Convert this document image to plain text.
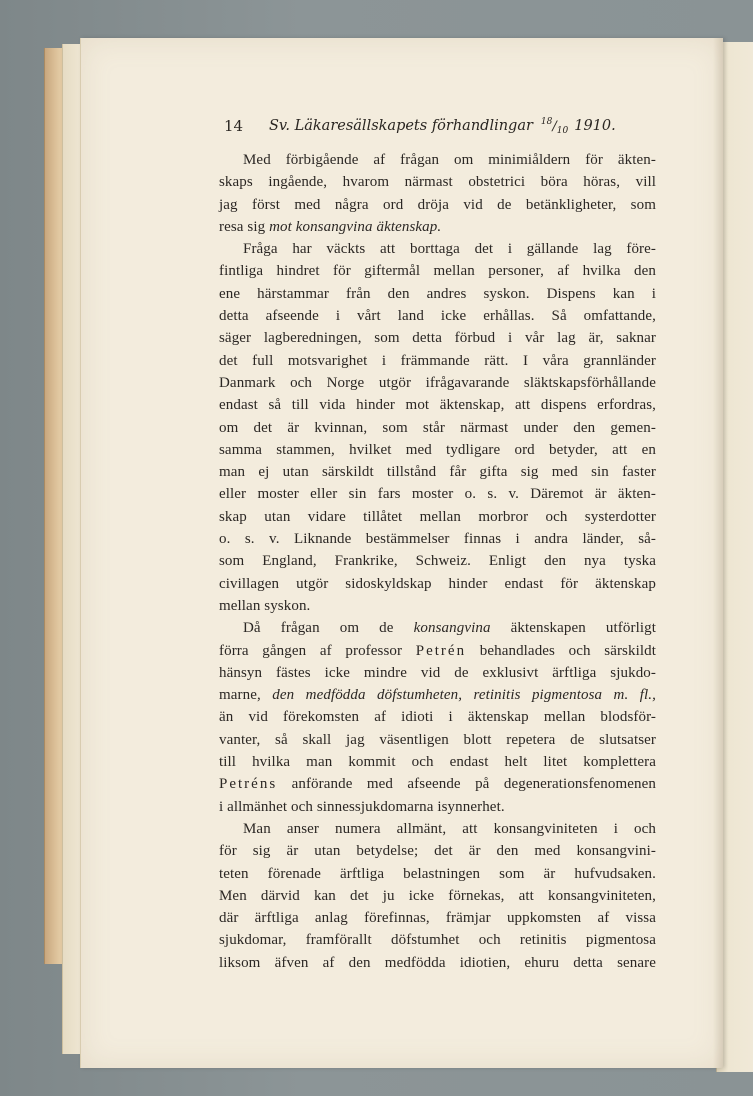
14 Sv. Läkaresällskapets förhandlingar $^{18}/_{10}$ 1910.
Med förbigående af frågan om minimiåldern för äkten-
skaps ingående, hvarom närmast obstetrici böra höras, vill
jag först med några ord dröja vid de betänkligheter, som
resa sig mot konsangvina äktenskap.
Fråga har väckts att borttaga det i gällande lag före-
fintliga hindret för giftermål mellan personer, af hvilka den
ene härstammar från den andres syskon. Dispens kan i
detta afseende i vårt land icke erhållas. Så omfattande,
säger lagberedningen, som detta förbud i vår lag är, saknar
det full motsvarighet i främmande rätt. I våra grannländer
Danmark och Norge utgör ifrågavarande släktskapsförhållande
endast så till vida hinder mot äktenskap, att dispens erfordras,
om det är kvinnan, som står närmast under den gemen-
samma stammen, hvilket med tydligare ord betyder, att en
man ej utan särskildt tillstånd får gifta sig med sin faster
eller moster eller sin fars moster o. s. v. Däremot är äkten-
skap utan vidare tillåtet mellan morbror och systerdotter
o. s. v. Liknande bestämmelser finnas i andra länder, så-
som England, Frankrike, Schweiz. Enligt den nya tyska
civillagen utgör sidoskyldskap hinder endast för äktenskap
mellan syskon.
Då frågan om de konsangvina äktenskapen utförligt
förra gången af professor Petrén behandlades och särskildt
hänsyn fästes icke mindre vid de exklusivt ärftliga sjukdo-
marne, den medfödda döfstumheten, retinitis pigmentosa m. fl.,
än vid förekomsten af idioti i äktenskap mellan blodsför-
vanter, så skall jag väsentligen blott repetera de slutsatser
till hvilka man kommit och endast helt litet komplettera
Petréns anförande med afseende på degenerationsfenomenen
i allmänhet och sinnessjukdomarna isynnerhet.
Man anser numera allmänt, att konsangviniteten i och
för sig är utan betydelse; det är den med konsangvini-
teten förenade ärftliga belastningen som är hufvudsaken.
Men därvid kan det ju icke förnekas, att konsangviniteten,
där ärftliga anlag förefinnas, främjar uppkomsten af vissa
sjukdomar, framförallt döfstumhet och retinitis pigmentosa
liksom äfven af den medfödda idiotien, ehuru detta senare
